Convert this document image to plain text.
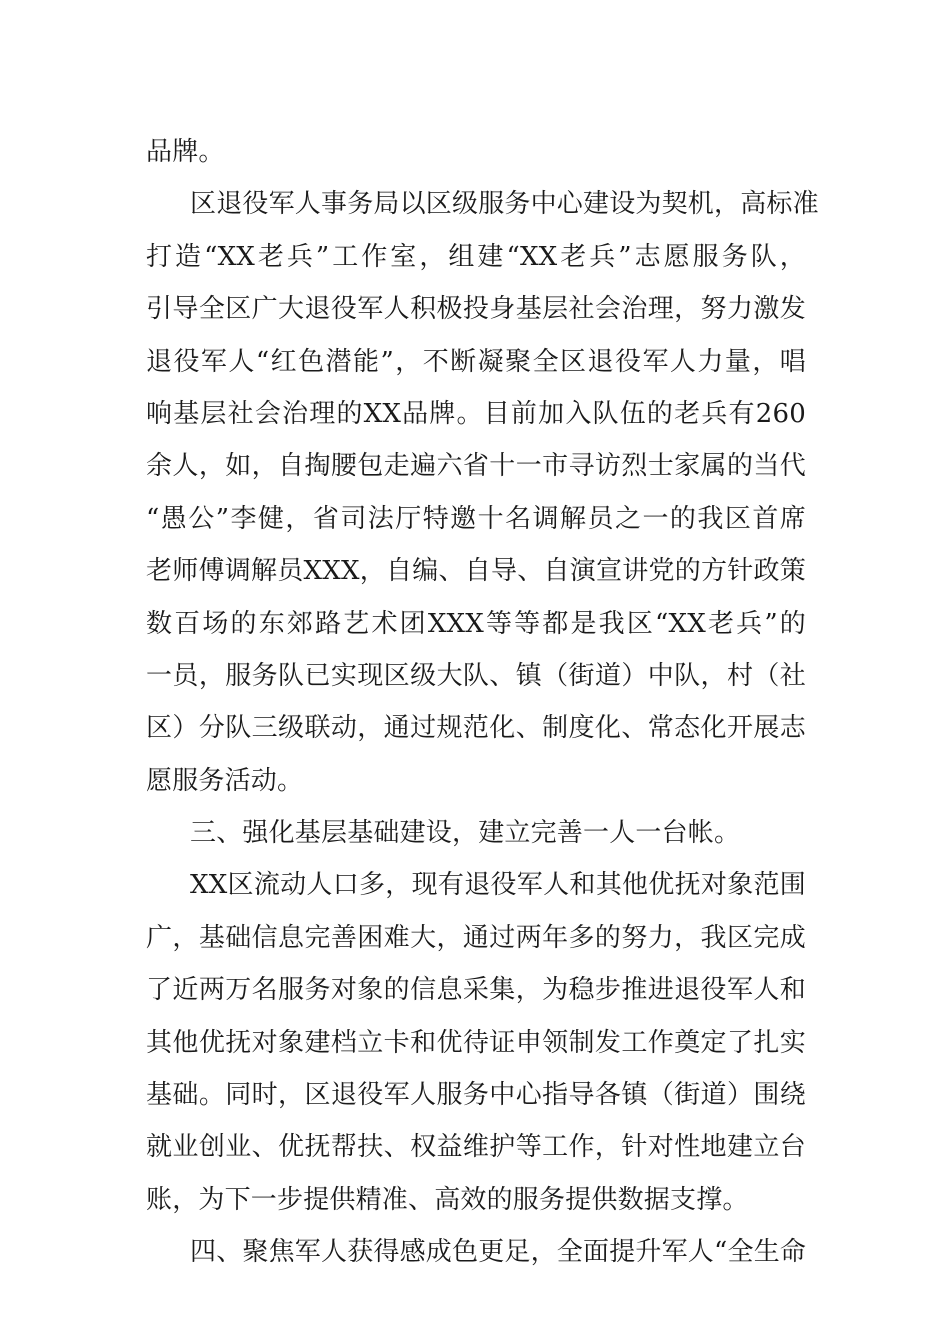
品牌。
区退役军人事务局以区级服务中心建设为契机，高标准
打造“XX老兵”工作室，组建“XX老兵”志愿服务队，
引导全区广大退役军人积极投身基层社会治理，努力激发
退役军人“红色潜能”，不断凝聚全区退役军人力量，唱
响基层社会治理的XX品牌。目前加入队伍的老兵有260
余人，如，自掏腰包走遍六省十一市寻访烈士家属的当代
“愚公”李健，省司法厅特邀十名调解员之一的我区首席
老师傅调解员XXX，自编、自导、自演宣讲党的方针政策
数百场的东郊路艺术团XXX等等都是我区“XX老兵”的
一员，服务队已实现区级大队、镇（街道）中队，村（社
区）分队三级联动，通过规范化、制度化、常态化开展志
愿服务活动。
三、强化基层基础建设，建立完善一人一台帐。
XX区流动人口多，现有退役军人和其他优抚对象范围
广，基础信息完善困难大，通过两年多的努力，我区完成
了近两万名服务对象的信息采集，为稳步推进退役军人和
其他优抚对象建档立卡和优待证申领制发工作奠定了扎实
基础。同时，区退役军人服务中心指导各镇（街道）围绕
就业创业、优抚帮扶、权益维护等工作，针对性地建立台
账，为下一步提供精准、高效的服务提供数据支撑。
四、聚焦军人获得感成色更足，全面提升军人“全生命
